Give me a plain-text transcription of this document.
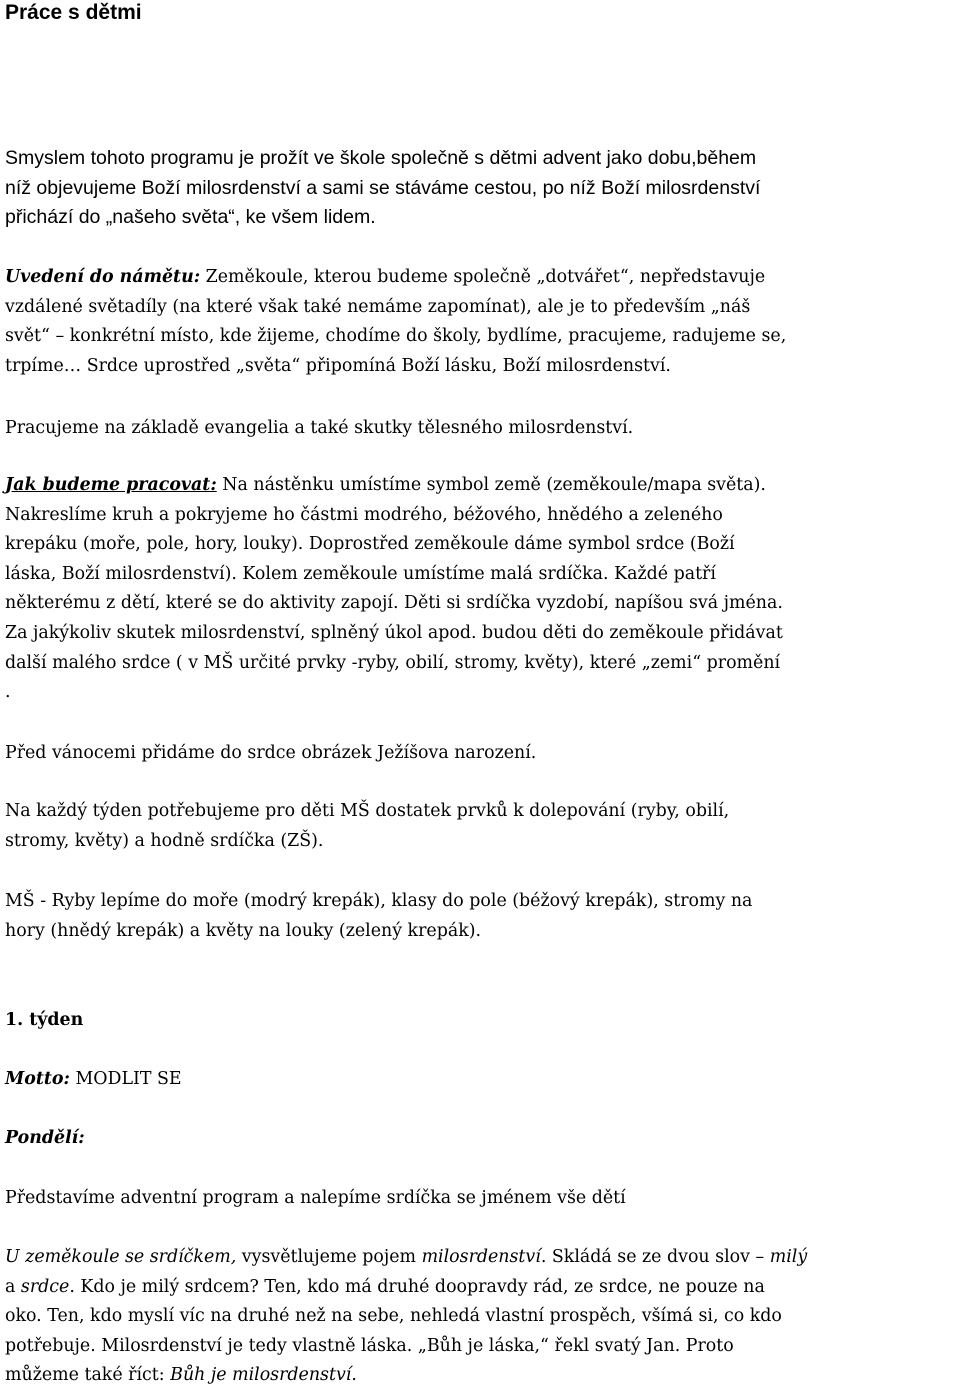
Práce s dětmi
Smyslem tohoto programu je prožít ve škole společně s dětmi advent jako dobu,během
níž objevujeme Boží milosrdenství a sami se stáváme cestou, po níž Boží milosrdenství
přichází do „našeho světa“, ke všem lidem.
Uvedení do námětu: Zeměkoule, kterou budeme společně „dotvářet“, nepředstavuje
vzdálené světadíly (na které však také nemáme zapomínat), ale je to především „náš
svět“ – konkrétní místo, kde žijeme, chodíme do školy, bydlíme, pracujeme, radujeme se,
trpíme… Srdce uprostřed „světa“ připomíná Boží lásku, Boží milosrdenství.
Pracujeme na základě evangelia a také skutky tělesného milosrdenství.
Jak budeme pracovat: Na nástěnku umístíme symbol země (zeměkoule/mapa světa).
Nakreslíme kruh a pokryjeme ho částmi modrého, béžového, hnědého a zeleného
krepáku (moře, pole, hory, louky). Doprostřed zeměkoule dáme symbol srdce (Boží
láska, Boží milosrdenství). Kolem zeměkoule umístíme malá srdíčka. Každé patří
některému z dětí, které se do aktivity zapojí. Děti si srdíčka vyzdobí, napíšou svá jména.
Za jakýkoliv skutek milosrdenství, splněný úkol apod. budou děti do zeměkoule přidávat
další malého srdce ( v MŠ určité prvky -ryby, obilí, stromy, květy), které „zemi“ promění
.
Před vánocemi přidáme do srdce obrázek Ježíšova narození.
Na každý týden potřebujeme pro děti MŠ dostatek prvků k dolepování (ryby, obilí,
stromy, květy) a hodně srdíčka (ZŠ).
MŠ - Ryby lepíme do moře (modrý krepák), klasy do pole (béžový krepák), stromy na
hory (hnědý krepák) a květy na louky (zelený krepák).
1. týden
Motto: MODLIT SE
Pondělí:
Představíme adventní program a nalepíme srdíčka se jménem vše dětí
U zeměkoule se srdíčkem, vysvětlujeme pojem milosrdenství. Skládá se ze dvou slov – milý
a srdce. Kdo je milý srdcem? Ten, kdo má druhé doopravdy rád, ze srdce, ne pouze na
oko. Ten, kdo myslí víc na druhé než na sebe, nehledá vlastní prospěch, všímá si, co kdo
potřebuje. Milosrdenství je tedy vlastně láska. „Bůh je láska,“ řekl svatý Jan. Proto
můžeme také říct: Bůh je milosrdenství.
